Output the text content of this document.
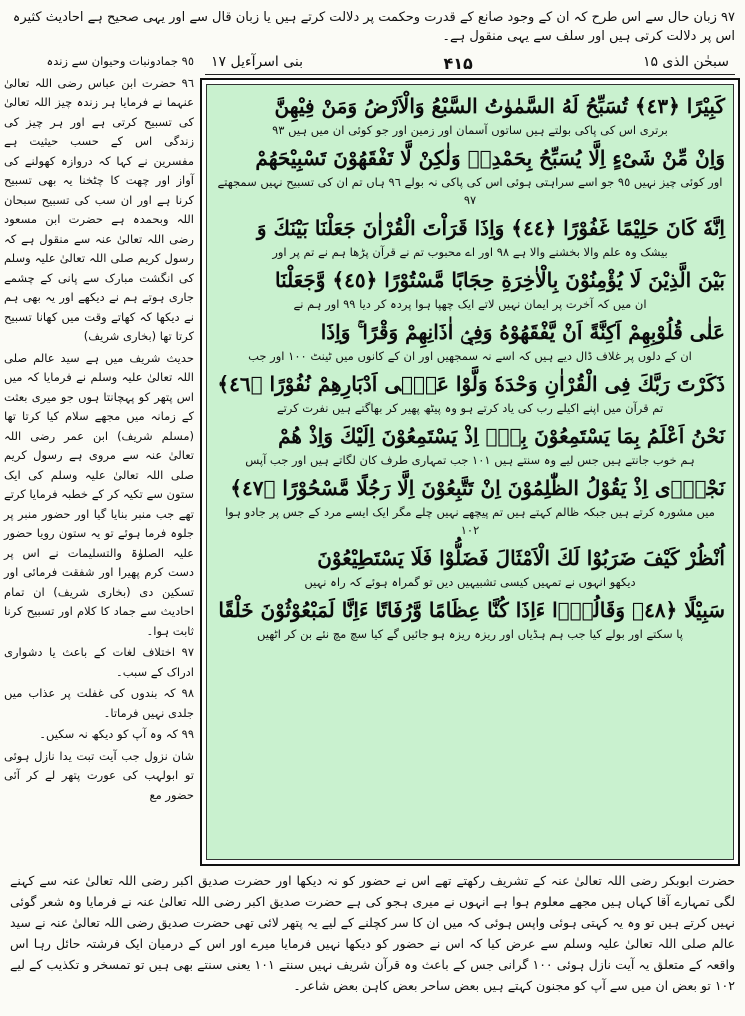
٩٧ زبان حال سے اس طرح کہ ان کے وجود صانع کے قدرت وحکمت پر دلالت کرتے ہیں یا زبان قال سے اور یہی صحیح ہے احادیث کثیرہ اس پر دلالت کرتی ہیں اور سلف سے یہی منقول ہے۔
سبحٰن الذی ۱۵
۴۱۵
بنی اسرآءیل ۱۷

٩٥ جمادونبات وحیوان سے زندہ

٩٦ حضرت ابن عباس رضی اللہ تعالیٰ عنہما نے فرمایا ہر زندہ چیز اللہ تعالیٰ کی تسبیح کرتی ہے اور ہر چیز کی زندگی اس کے حسب حیثیت ہے مفسرین نے کہا کہ دروازہ کھولنے کی آواز اور چھت کا چٹخنا یہ بھی تسبیح کرنا ہے اور ان سب کی تسبیح سبحان اللہ وبحمدہ ہے حضرت ابن مسعود رضی اللہ تعالیٰ عنہ سے منقول ہے کہ رسول کریم صلی اللہ تعالیٰ علیہ وسلم کی انگشت مبارک سے پانی کے چشمے جاری ہوتے ہم نے دیکھے اور یہ بھی ہم نے دیکھا کہ کھاتے وقت میں کھانا تسبیح کرتا تھا (بخاری شریف)

حدیث شریف میں ہے سید عالم صلی اللہ تعالیٰ علیہ وسلم نے فرمایا کہ میں اس پتھر کو پہچانتا ہوں جو میری بعثت کے زمانہ میں مجھے سلام کیا کرتا تھا (مسلم شریف) ابن عمر رضی اللہ تعالیٰ عنہ سے مروی ہے رسول کریم صلی اللہ تعالیٰ علیہ وسلم کی ایک ستون سے تکیہ کر کے خطبہ فرمایا کرتے تھے جب منبر بنایا گیا اور حضور منبر پر جلوہ فرما ہوئے تو یہ ستون رویا حضور علیہ الصلوٰۃ والتسلیمات نے اس پر دست کرم پھیرا اور شفقت فرمائی اور تسکین دی (بخاری شریف) ان تمام احادیث سے جماد کا کلام اور تسبیح کرنا ثابت ہوا۔

٩٧ اختلاف لغات کے باعث یا دشواری ادراک کے سبب۔

٩٨ کہ بندوں کی غفلت پر عذاب میں جلدی نہیں فرماتا۔

٩٩ کہ وہ آپ کو دیکھ نہ سکیں۔

شان نزول جب آیت تبت یدا نازل ہوئی تو ابولہب کی عورت پتھر لے کر آئی حضور مع

كَبِيْرًا ﴿٤٣﴾ تُسَبِّحُ لَهُ السَّمٰوٰتُ السَّبْعُ وَالْاَرْضُ وَمَنْ فِيْهِنَّ

برتری اس کی پاکی بولتے ہیں ساتوں آسمان اور زمین اور جو کوئی ان میں ہیں ٩٣

وَاِنْ مِّنْ شَیْءٍ اِلَّا يُسَبِّحُ بِحَمْدِهٖ وَلٰكِنْ لَّا تَفْقَهُوْنَ تَسْبِيْحَهُمْ

اور کوئی چیز نہیں ٩٥ جو اسے سراہتی ہوئی اس کی پاکی نہ بولے ٩٦ ہاں تم ان کی تسبیح نہیں سمجھتے ٩٧

اِنَّهٗ كَانَ حَلِيْمًا غَفُوْرًا ﴿٤٤﴾ وَاِذَا قَرَاْتَ الْقُرْاٰنَ جَعَلْنَا بَيْنَكَ وَ

بیشک وہ علم والا بخشنے والا ہے ٩٨ اور اے محبوب تم نے قرآن پڑھا ہم نے تم پر اور

بَيْنَ الَّذِيْنَ لَا يُؤْمِنُوْنَ بِالْاٰخِرَةِ حِجَابًا مَّسْتُوْرًا ﴿٤٥﴾ وَّجَعَلْنَا

ان میں کہ آخرت پر ایمان نہیں لاتے ایک چھپا ہوا پردہ کر دیا ٩٩ اور ہم نے

عَلٰى قُلُوْبِهِمْ اَكِنَّةً اَنْ يَّفْقَهُوْهُ وَفِيْۤ اٰذَانِهِمْ وَقْرًا ۚ وَاِذَا

ان کے دلوں پر غلاف ڈال دیے ہیں کہ اسے نہ سمجھیں اور ان کے کانوں میں ٹینٹ ١٠٠ اور جب

ذَكَرْتَ رَبَّكَ فِى الْقُرْاٰنِ وَحْدَهٗ وَلَّوْا عَلٰۤى اَدْبَارِهِمْ نُفُوْرًا ﴿٤٦﴾

تم قرآن میں اپنے اکیلے رب کی یاد کرتے ہو وہ پیٹھ پھیر کر بھاگتے ہیں نفرت کرتے

نَحْنُ اَعْلَمُ بِمَا يَسْتَمِعُوْنَ بِهٖۤ اِذْ يَسْتَمِعُوْنَ اِلَيْكَ وَاِذْ هُمْ

ہم خوب جانتے ہیں جس لیے وہ سنتے ہیں ١٠١ جب تمہاری طرف کان لگاتے ہیں اور جب آپس

نَجْوٰۤى اِذْ يَقُوْلُ الظّٰلِمُوْنَ اِنْ تَتَّبِعُوْنَ اِلَّا رَجُلًا مَّسْحُوْرًا ﴿٤٧﴾

میں مشورہ کرتے ہیں جبکہ ظالم کہتے ہیں تم پیچھے نہیں چلے مگر ایک ایسے مرد کے جس پر جادو ہوا ١٠٢

اُنْظُرْ كَيْفَ ضَرَبُوْا لَكَ الْاَمْثَالَ فَضَلُّوْا فَلَا يَسْتَطِيْعُوْنَ

دیکھو انہوں نے تمہیں کیسی تشبیہیں دیں تو گمراہ ہوئے کہ راہ نہیں

سَبِيْلًا ﴿٤٨﴾ وَقَالُوْۤا ءَاِذَا كُنَّا عِظَامًا وَّرُفَاتًا ءَاِنَّا لَمَبْعُوْثُوْنَ خَلْقًا

پا سکتے اور بولے کیا جب ہم ہڈیاں اور ریزہ ریزہ ہو جائیں گے کیا سچ مچ نئے بن کر اٹھیں

حضرت ابوبکر رضی اللہ تعالیٰ عنہ کے تشریف رکھتے تھے اس نے حضور کو نہ دیکھا اور حضرت صدیق اکبر رضی اللہ تعالیٰ عنہ سے کہنے لگی تمہارے آقا کہاں ہیں مجھے معلوم ہوا ہے انہوں نے میری ہجو کی ہے حضرت صدیق اکبر رضی اللہ تعالیٰ عنہ نے فرمایا وہ شعر گوئی نہیں کرتے ہیں تو وہ یہ کہتی ہوئی واپس ہوئی کہ میں ان کا سر کچلنے کے لیے یہ پتھر لائی تھی حضرت صدیق رضی اللہ تعالیٰ عنہ نے سید عالم صلی اللہ تعالیٰ علیہ وسلم سے عرض کیا کہ اس نے حضور کو دیکھا نہیں فرمایا میرے اور اس کے درمیان ایک فرشتہ حائل رہا اس واقعہ کے متعلق یہ آیت نازل ہوئی ١٠٠ گرانی جس کے باعث وہ قرآن شریف نہیں سنتے ١٠١ یعنی سنتے بھی ہیں تو تمسخر و تکذیب کے لیے ١٠٢ تو بعض ان میں سے آپ کو مجنون کہتے ہیں بعض ساحر بعض کاہن بعض شاعر۔
